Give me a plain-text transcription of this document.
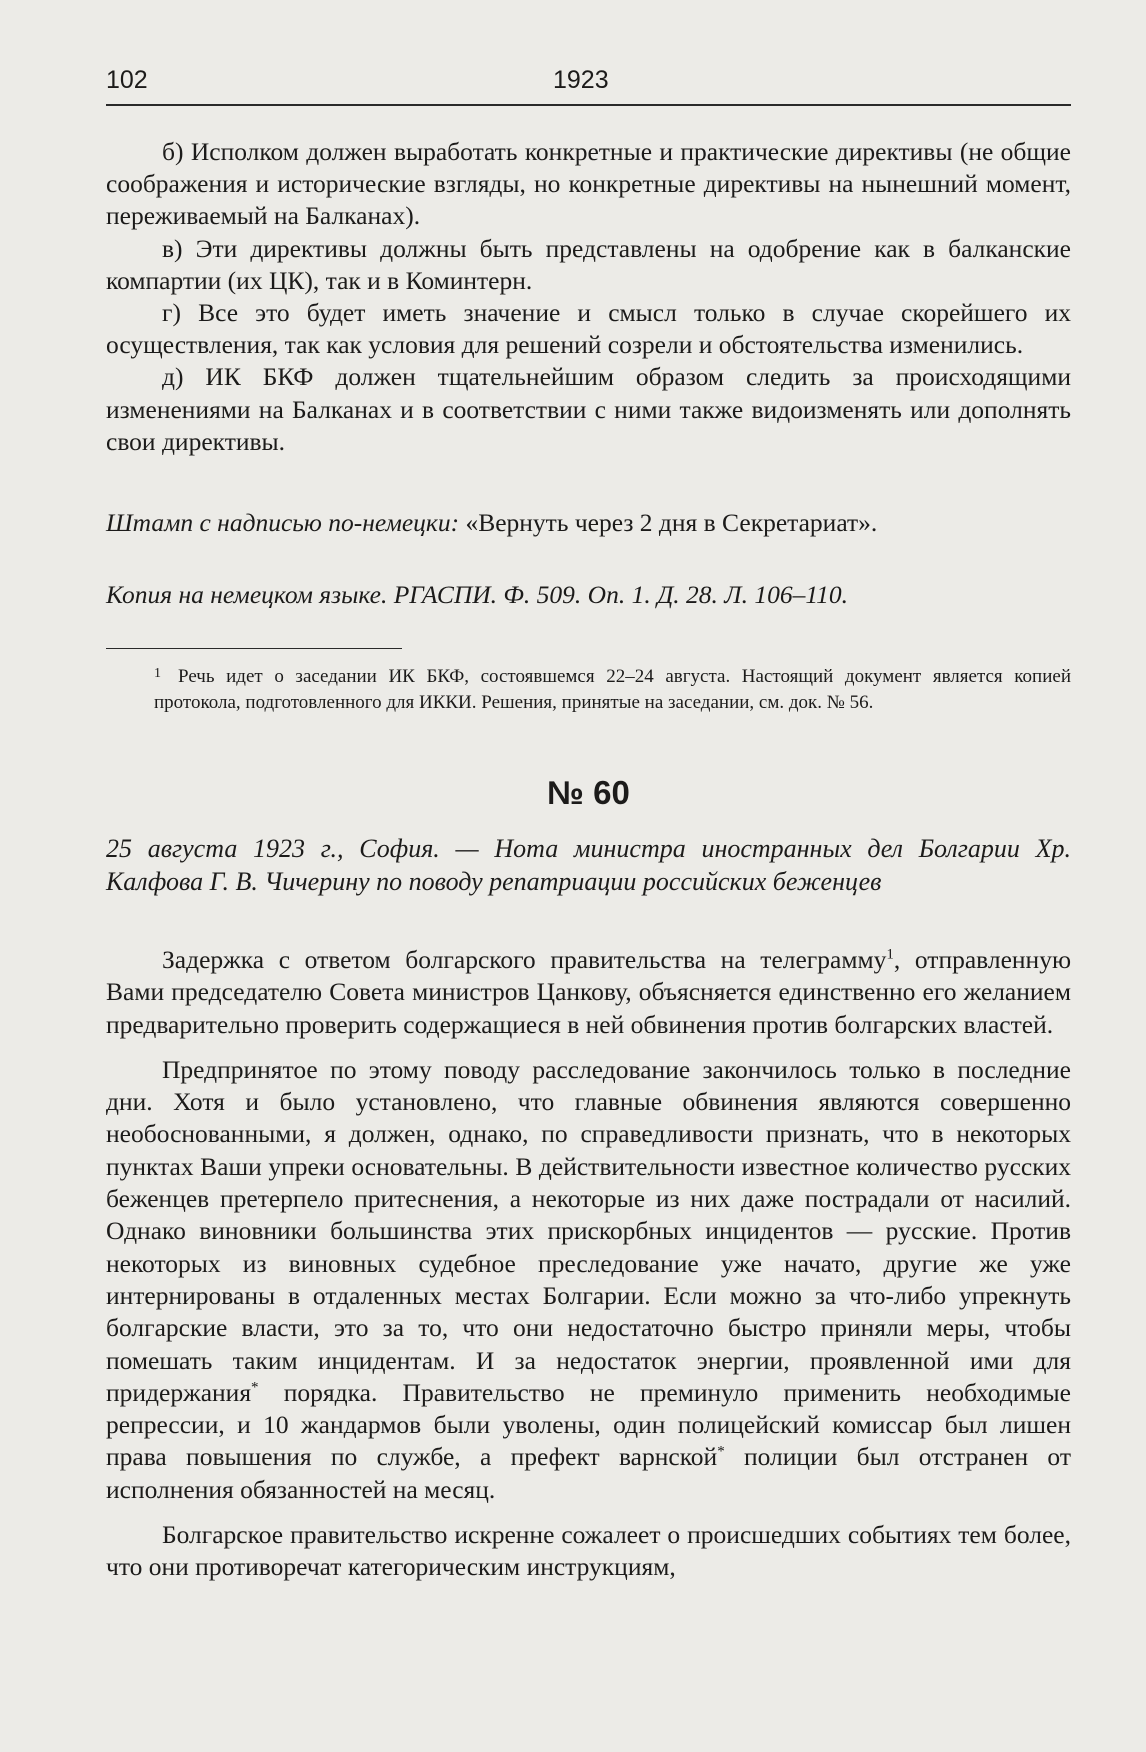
102	1923

б) Исполком должен выработать конкретные и практические директивы (не общие соображения и исторические взгляды, но конкретные директивы на нынешний момент, переживаемый на Балканах).

в) Эти директивы должны быть представлены на одобрение как в балканские компартии (их ЦК), так и в Коминтерн.

г) Все это будет иметь значение и смысл только в случае скорейшего их осуществления, так как условия для решений созрели и обстоятельства изменились.

д) ИК БКФ должен тщательнейшим образом следить за происходящими изменениями на Балканах и в соответствии с ними также видоизменять или дополнять свои директивы.

Штамп с надписью по-немецки: «Вернуть через 2 дня в Секретариат».

Копия на немецком языке. РГАСПИ. Ф. 509. Оп. 1. Д. 28. Л. 106–110.

1 Речь идет о заседании ИК БКФ, состоявшемся 22–24 августа. Настоящий документ является копией протокола, подготовленного для ИККИ. Решения, принятые на заседании, см. док. № 56.

№ 60

25 августа 1923 г., София. — Нота министра иностранных дел Болгарии Хр. Калфова Г. В. Чичерину по поводу репатриации российских беженцев

Задержка с ответом болгарского правительства на телеграмму$^1$, отправленную Вами председателю Совета министров Цанкову, объясняется единственно его желанием предварительно проверить содержащиеся в ней обвинения против болгарских властей.

Предпринятое по этому поводу расследование закончилось только в последние дни. Хотя и было установлено, что главные обвинения являются совершенно необоснованными, я должен, однако, по справедливости признать, что в некоторых пунктах Ваши упреки основательны. В действительности известное количество русских беженцев претерпело притеснения, а некоторые из них даже пострадали от насилий. Однако виновники большинства этих прискорбных инцидентов — русские. Против некоторых из виновных судебное преследование уже начато, другие же уже интернированы в отдаленных местах Болгарии. Если можно за что-либо упрекнуть болгарские власти, это за то, что они недостаточно быстро приняли меры, чтобы помешать таким инцидентам. И за недостаток энергии, проявленной ими для придержания* порядка. Правительство не преминуло применить необходимые репрессии, и 10 жандармов были уволены, один полицейский комиссар был лишен права повышения по службе, а префект варнской* полиции был отстранен от исполнения обязанностей на месяц.

Болгарское правительство искренне сожалеет о происшедших событиях тем более, что они противоречат категорическим инструкциям,
